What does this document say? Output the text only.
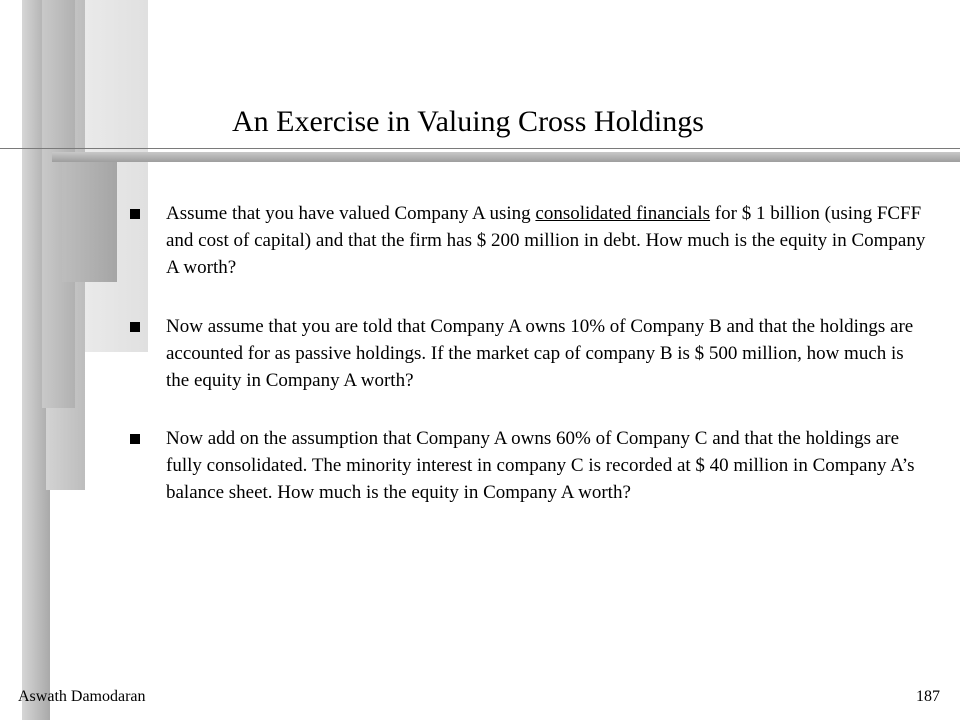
An Exercise in Valuing Cross Holdings
Assume that you have valued Company A using consolidated financials for $ 1 billion (using FCFF and cost of capital) and that the firm has $ 200 million in debt. How much is the equity in Company A worth?
Now assume that you are told that Company A owns 10% of Company B and that the holdings are accounted for as passive holdings. If the market cap of company B is $ 500 million, how much is the equity in Company A worth?
Now add on the assumption that Company A owns 60% of Company C and that the holdings are fully consolidated. The minority interest in company C is recorded at $ 40 million in Company A’s balance sheet. How much is the equity in Company A worth?
Aswath Damodaran	187
